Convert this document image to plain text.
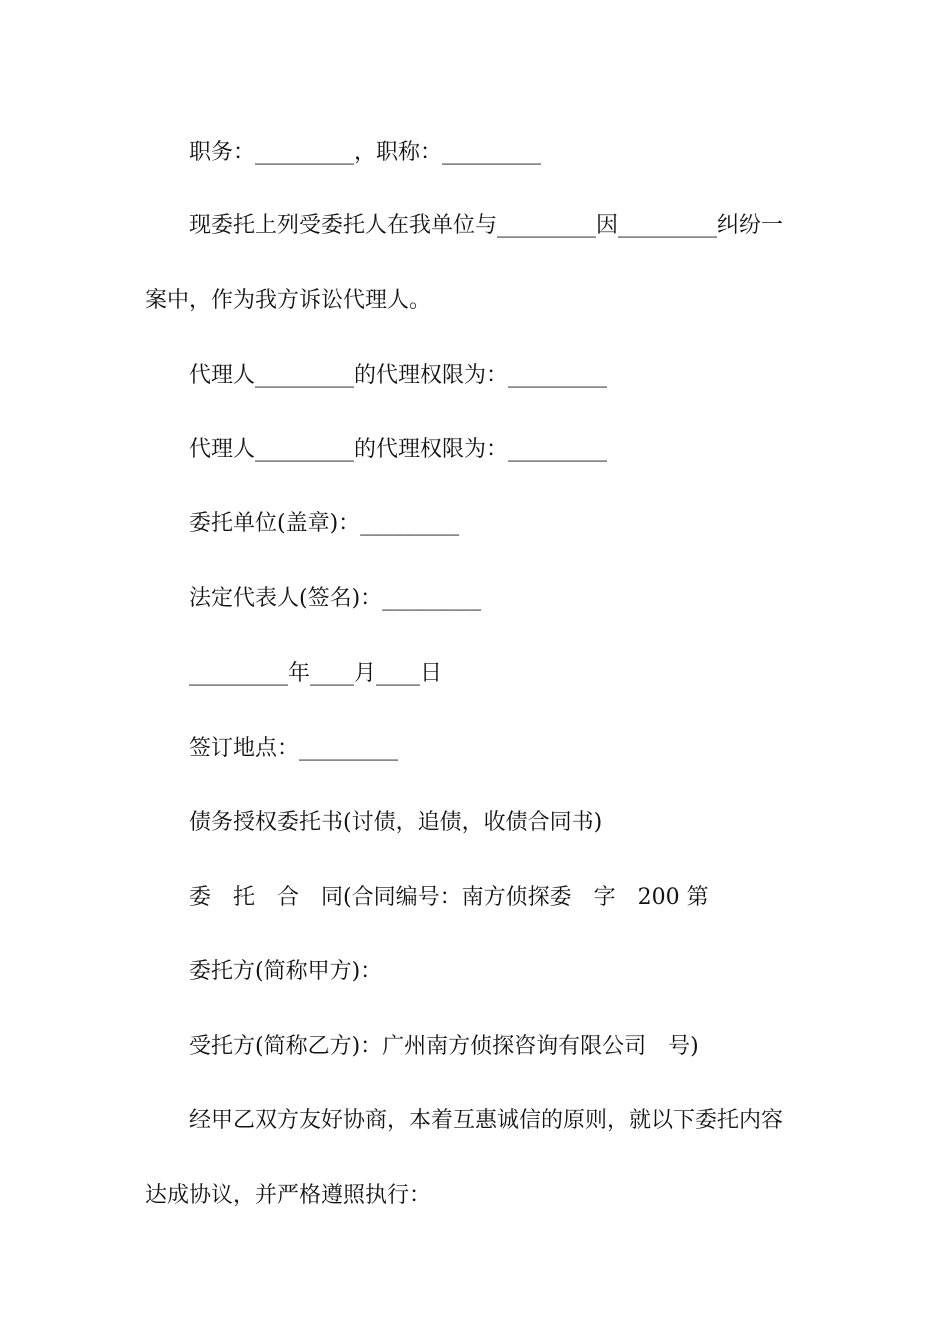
职务：_________，职称：_________
现委托上列受委托人在我单位与_________因_________纠纷一
案中，作为我方诉讼代理人。
代理人_________的代理权限为：_________
代理人_________的代理权限为：_________
委托单位(盖章)：_________
法定代表人(签名)：_________
_________年____月____日
签订地点：_________
债务授权委托书(讨债，追债，收债合同书)
委　托　合　同(合同编号：南方侦探委　字　200 第
委托方(简称甲方)：
受托方(简称乙方)：广州南方侦探咨询有限公司　号)
经甲乙双方友好协商，本着互惠诚信的原则，就以下委托内容
达成协议，并严格遵照执行：
